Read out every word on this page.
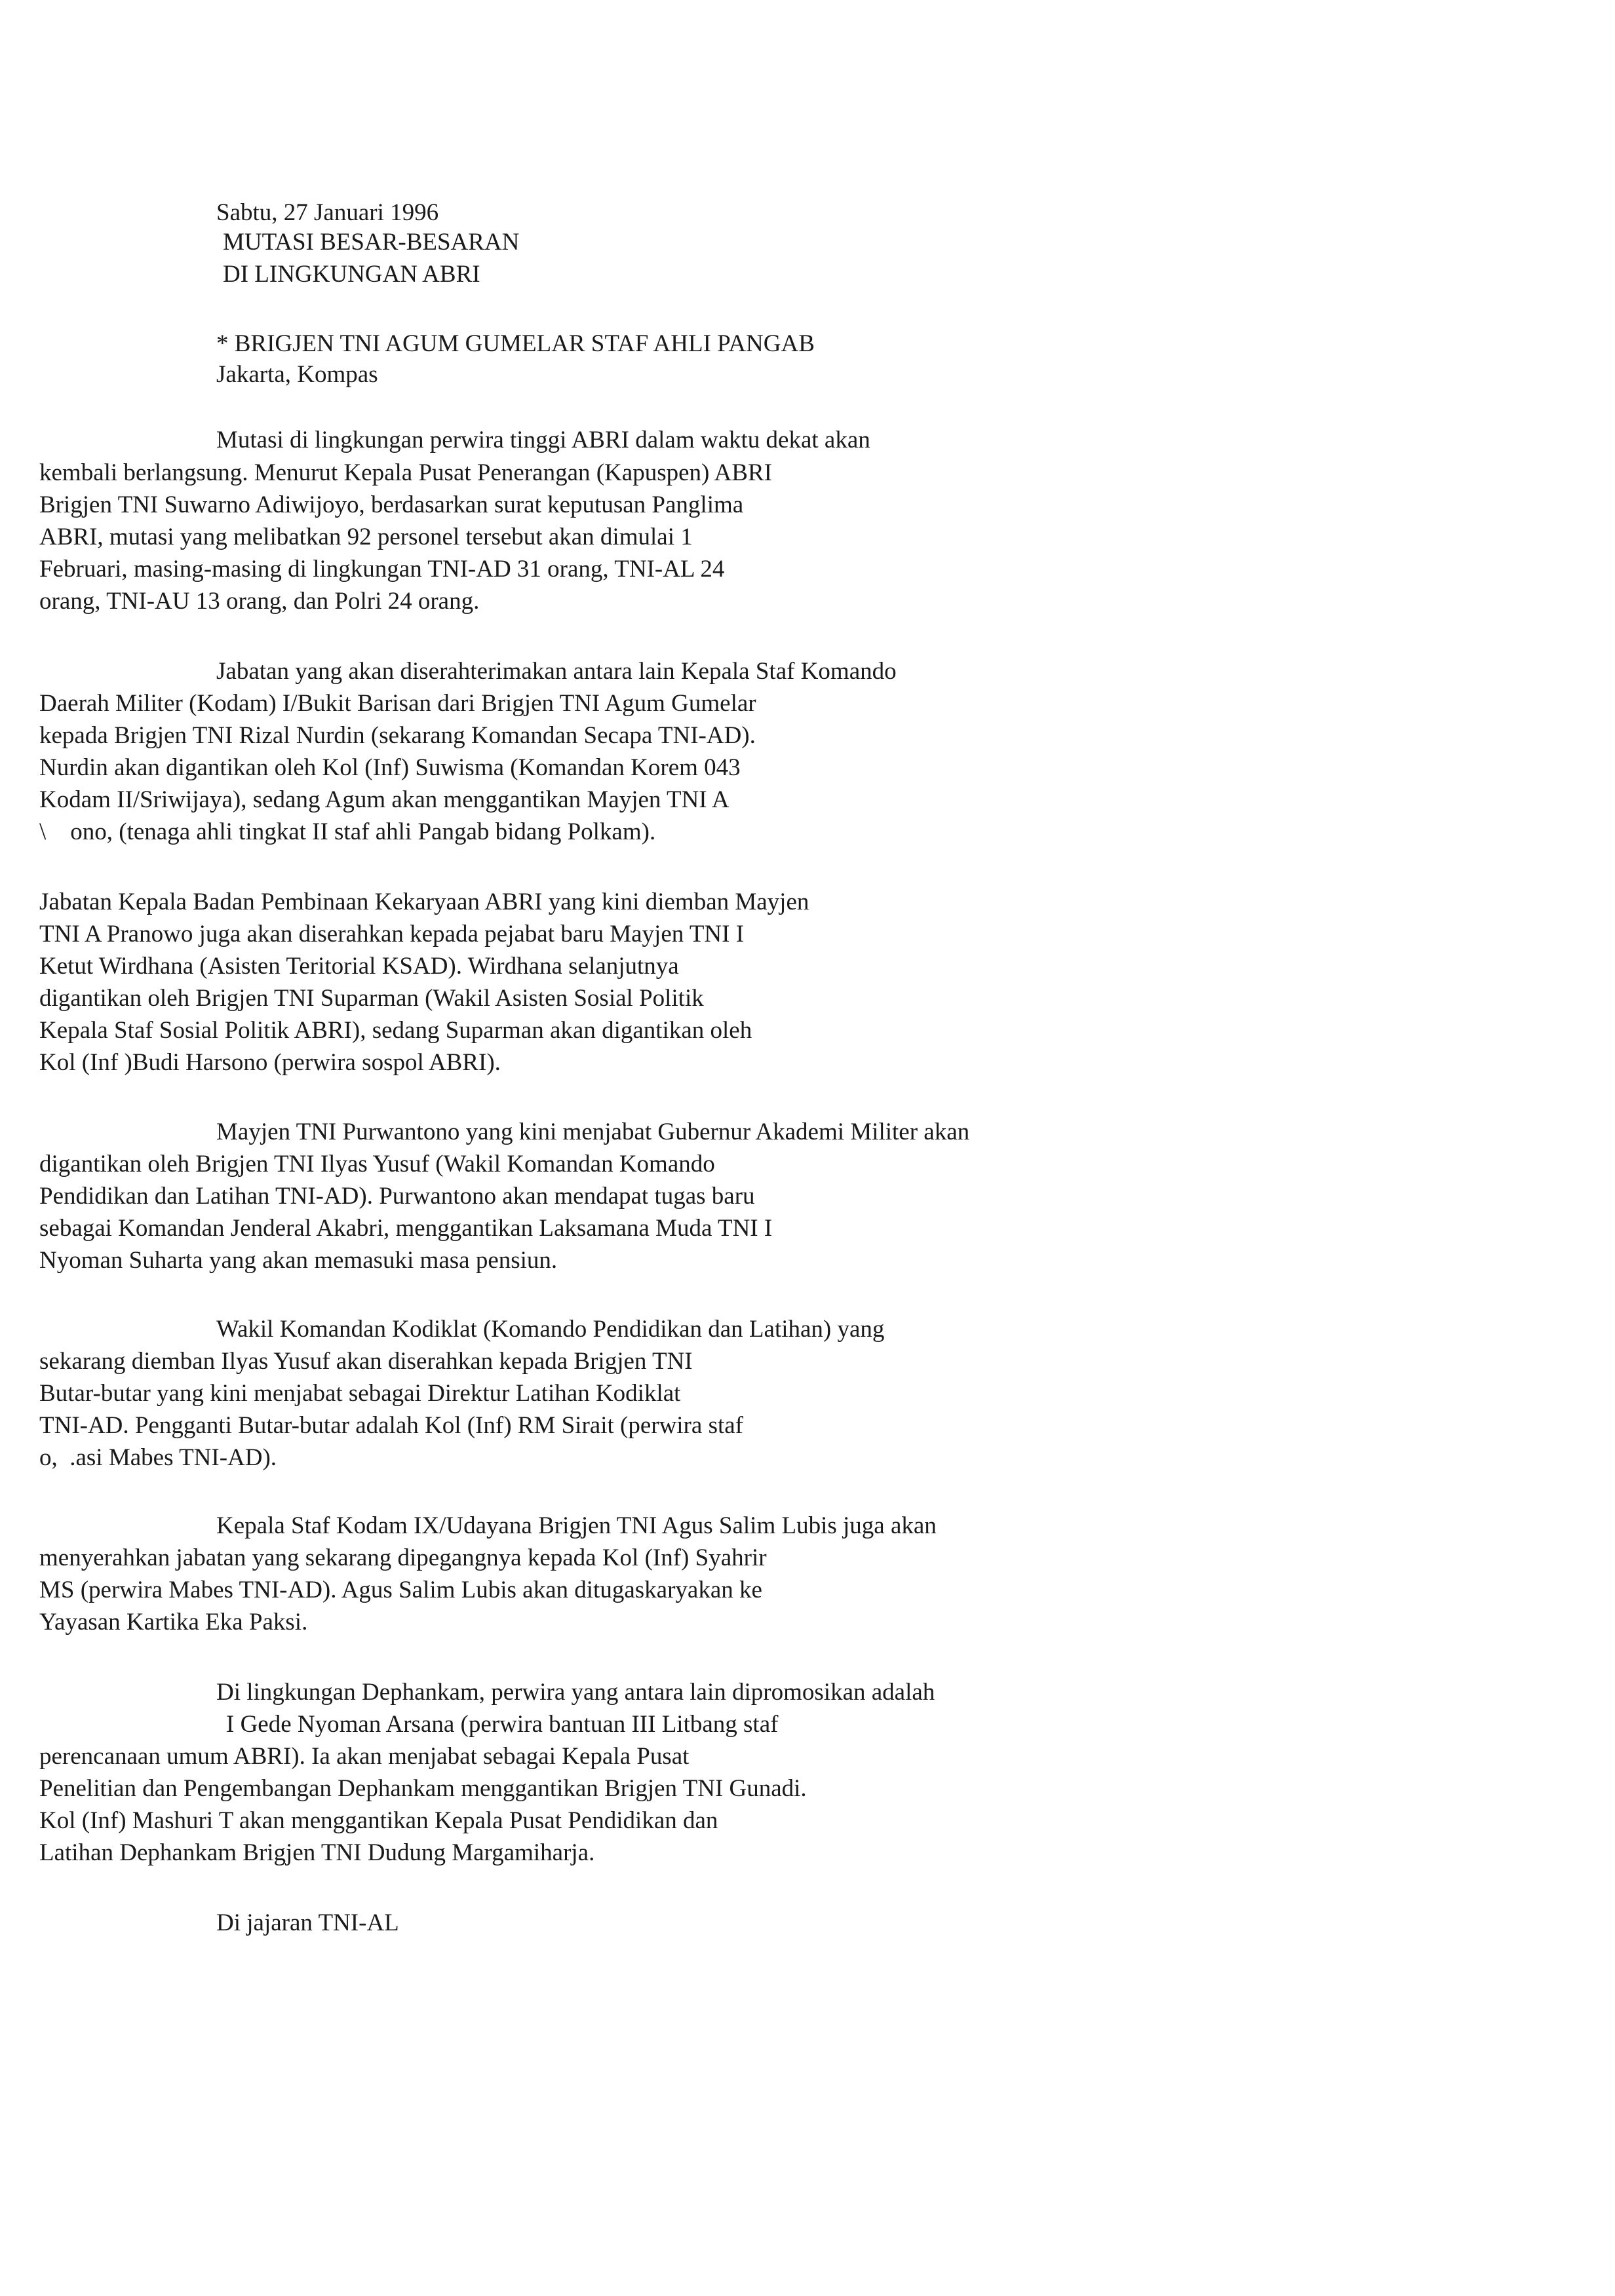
Sabtu, 27 Januari 1996
MUTASI BESAR-BESARAN
DI LINGKUNGAN ABRI
* BRIGJEN TNI AGUM GUMELAR STAF AHLI PANGAB
Jakarta, Kompas
Mutasi di lingkungan perwira tinggi ABRI dalam waktu dekat akan
kembali berlangsung. Menurut Kepala Pusat Penerangan (Kapuspen) ABRI
Brigjen TNI Suwarno Adiwijoyo, berdasarkan surat keputusan Panglima
ABRI, mutasi yang melibatkan 92 personel tersebut akan dimulai 1
Februari, masing-masing di lingkungan TNI-AD 31 orang, TNI-AL 24
orang, TNI-AU 13 orang, dan Polri 24 orang.
Jabatan yang akan diserahterimakan antara lain Kepala Staf Komando
Daerah Militer (Kodam) I/Bukit Barisan dari Brigjen TNI Agum Gumelar
kepada Brigjen TNI Rizal Nurdin (sekarang Komandan Secapa TNI-AD).
Nurdin akan digantikan oleh Kol (Inf) Suwisma (Komandan Korem 043
Kodam II/Sriwijaya), sedang Agum akan menggantikan Mayjen TNI A
\    ono, (tenaga ahli tingkat II staf ahli Pangab bidang Polkam).
Jabatan Kepala Badan Pembinaan Kekaryaan ABRI yang kini diemban Mayjen
TNI A Pranowo juga akan diserahkan kepada pejabat baru Mayjen TNI I
Ketut Wirdhana (Asisten Teritorial KSAD). Wirdhana selanjutnya
digantikan oleh Brigjen TNI Suparman (Wakil Asisten Sosial Politik
Kepala Staf Sosial Politik ABRI), sedang Suparman akan digantikan oleh
Kol (Inf )Budi Harsono (perwira sospol ABRI).
Mayjen TNI Purwantono yang kini menjabat Gubernur Akademi Militer akan
digantikan oleh Brigjen TNI Ilyas Yusuf (Wakil Komandan Komando
Pendidikan dan Latihan TNI-AD). Purwantono akan mendapat tugas baru
sebagai Komandan Jenderal Akabri, menggantikan Laksamana Muda TNI I
Nyoman Suharta yang akan memasuki masa pensiun.
Wakil Komandan Kodiklat (Komando Pendidikan dan Latihan) yang
sekarang diemban Ilyas Yusuf akan diserahkan kepada Brigjen TNI
Butar-butar yang kini menjabat sebagai Direktur Latihan Kodiklat
TNI-AD. Pengganti Butar-butar adalah Kol (Inf) RM Sirait (perwira staf
o,  .asi Mabes TNI-AD).
Kepala Staf Kodam IX/Udayana Brigjen TNI Agus Salim Lubis juga akan
menyerahkan jabatan yang sekarang dipegangnya kepada Kol (Inf) Syahrir
MS (perwira Mabes TNI-AD). Agus Salim Lubis akan ditugaskaryakan ke
Yayasan Kartika Eka Paksi.
Di lingkungan Dephankam, perwira yang antara lain dipromosikan adalah
I Gede Nyoman Arsana (perwira bantuan III Litbang staf
perencanaan umum ABRI). Ia akan menjabat sebagai Kepala Pusat
Penelitian dan Pengembangan Dephankam menggantikan Brigjen TNI Gunadi.
Kol (Inf) Mashuri T akan menggantikan Kepala Pusat Pendidikan dan
Latihan Dephankam Brigjen TNI Dudung Margamiharja.
Di jajaran TNI-AL
